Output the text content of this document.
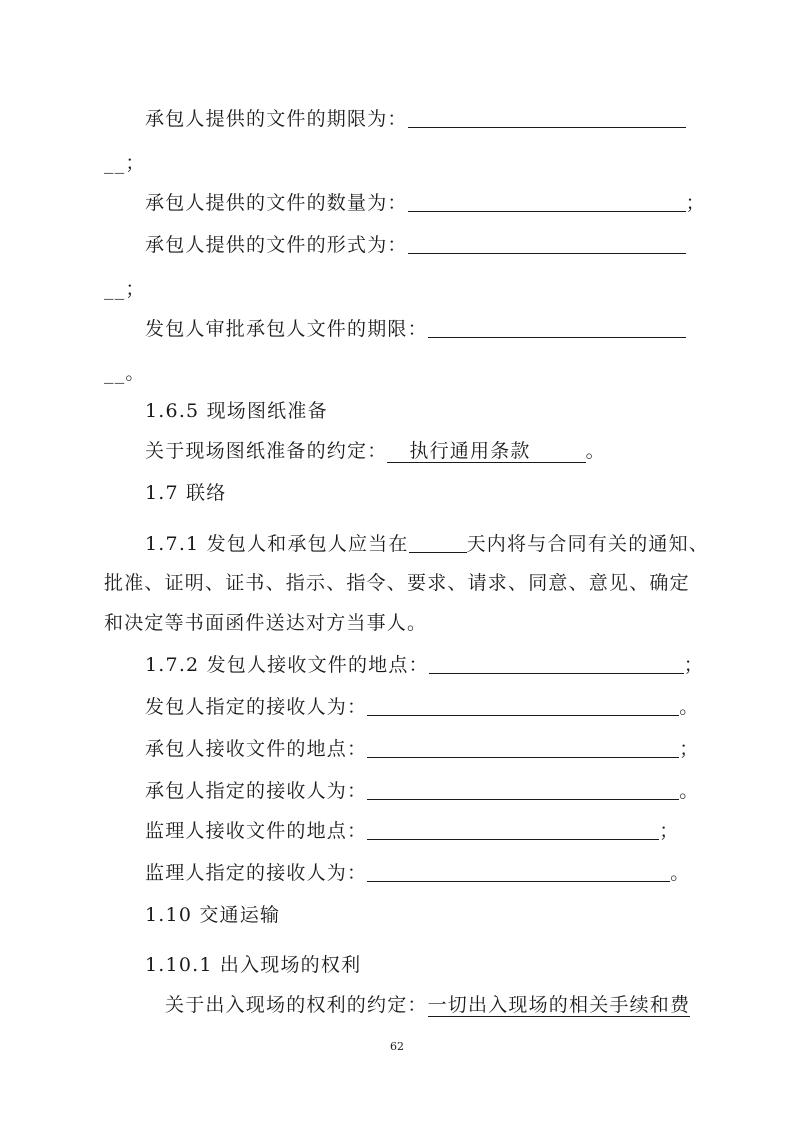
承包人提供的文件的期限为：
__；
承包人提供的文件的数量为：	；
承包人提供的文件的形式为：
__；
发包人审批承包人文件的期限：
__。
1.6.5 现场图纸准备
关于现场图纸准备的约定： 执行通用条款	。
1.7 联络
1.7.1 发包人和承包人应当在	天内将与合同有关的通知、
批准、证明、证书、指示、指令、要求、请求、同意、意见、确定
和决定等书面函件送达对方当事人。
1.7.2 发包人接收文件的地点：	；
发包人指定的接收人为：	。
承包人接收文件的地点：	；
承包人指定的接收人为：	。
监理人接收文件的地点：	；
监理人指定的接收人为：	。
1.10 交通运输
1.10.1 出入现场的权利
关于出入现场的权利的约定：一切出入现场的相关手续和费
62
